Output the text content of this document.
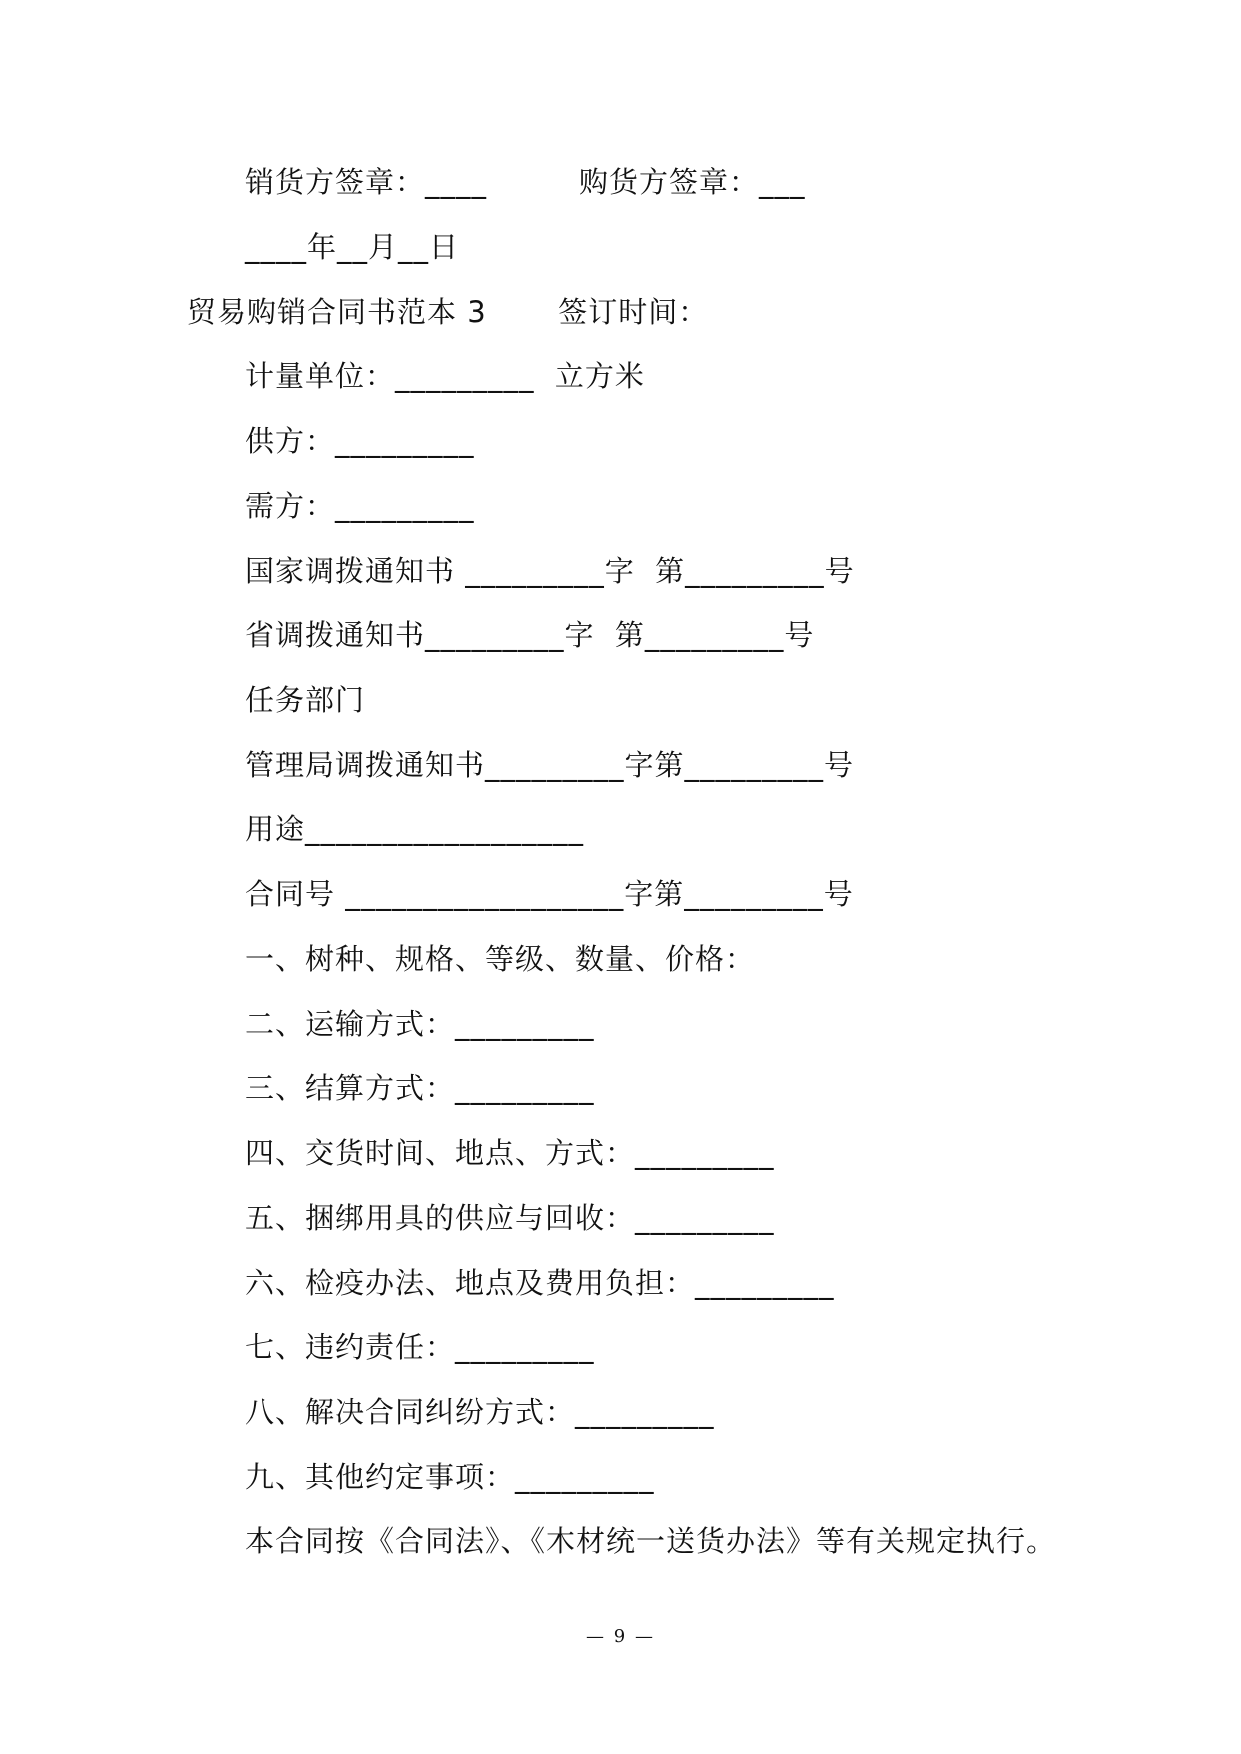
销货方签章：____         购货方签章：___
____年__月__日
贸易购销合同书范本 3       签订时间：
计量单位：_________  立方米
供方：_________
需方：_________
国家调拨通知书 _________字  第_________号
省调拨通知书_________字  第_________号
任务部门
管理局调拨通知书_________字第_________号
用途__________________
合同号 __________________字第_________号
一、树种、规格、等级、数量、价格：
二、运输方式：_________
三、结算方式：_________
四、交货时间、地点、方式：_________
五、捆绑用具的供应与回收：_________
六、检疫办法、地点及费用负担：_________
七、违约责任：_________
八、解决合同纠纷方式：_________
九、其他约定事项：_________
本合同按《合同法》、《木材统一送货办法》等有关规定执行。
— 9 —
